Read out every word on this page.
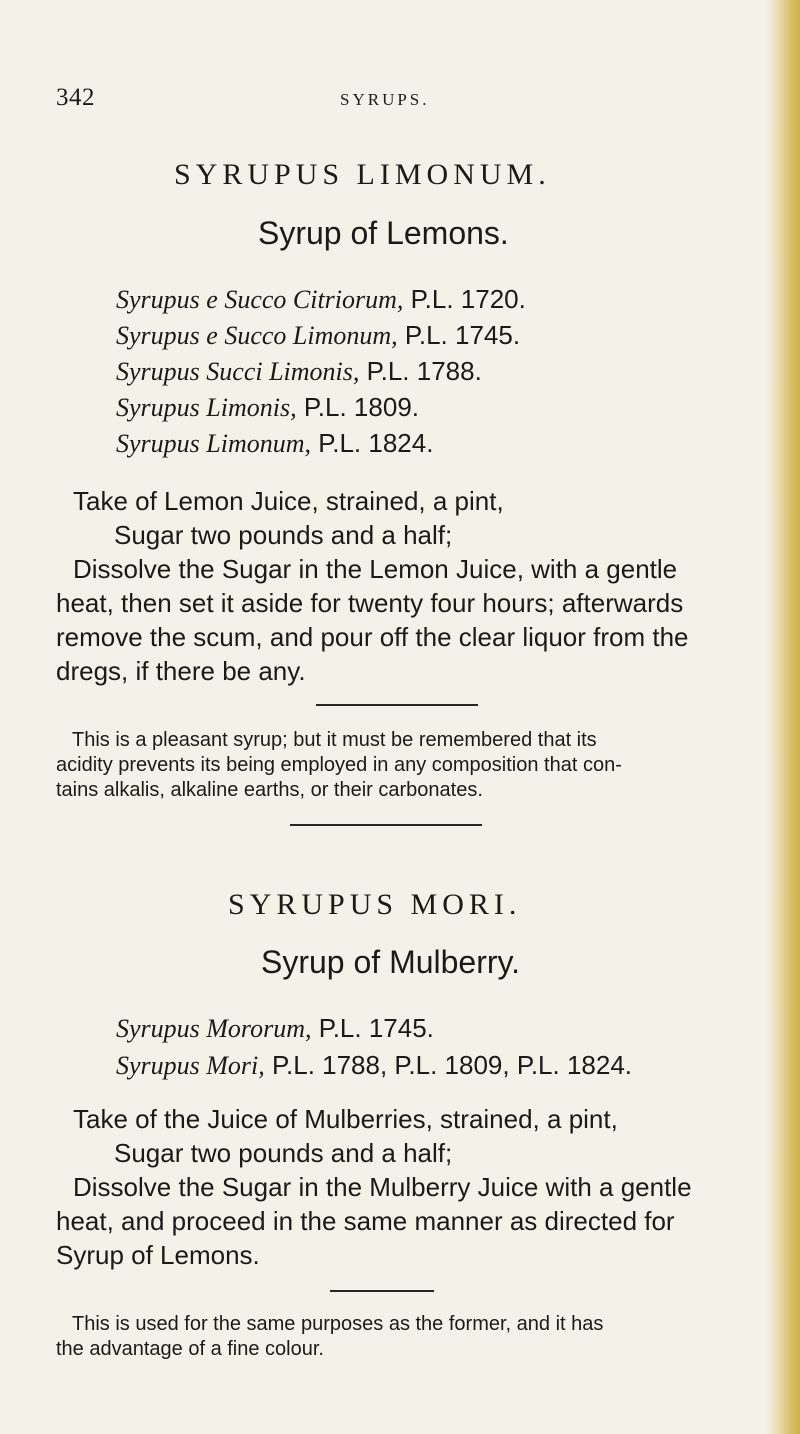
342	SYRUPS.
SYRUPUS LIMONUM.
Syrup of Lemons.
Syrupus e Succo Citriorum, P.L. 1720.
Syrupus e Succo Limonum, P.L. 1745.
Syrupus Succi Limonis, P.L. 1788.
Syrupus Limonis, P.L. 1809.
Syrupus Limonum, P.L. 1824.
Take of Lemon Juice, strained, a pint,
Sugar two pounds and a half;
Dissolve the Sugar in the Lemon Juice, with a gentle
heat, then set it aside for twenty four hours; afterwards
remove the scum, and pour off the clear liquor from the
dregs, if there be any.
This is a pleasant syrup; but it must be remembered that its
acidity prevents its being employed in any composition that con-
tains alkalis, alkaline earths, or their carbonates.
SYRUPUS MORI.
Syrup of Mulberry.
Syrupus Mororum, P.L. 1745.
Syrupus Mori, P.L. 1788, P.L. 1809, P.L. 1824.
Take of the Juice of Mulberries, strained, a pint,
Sugar two pounds and a half;
Dissolve the Sugar in the Mulberry Juice with a gentle
heat, and proceed in the same manner as directed for
Syrup of Lemons.
This is used for the same purposes as the former, and it has
the advantage of a fine colour.
